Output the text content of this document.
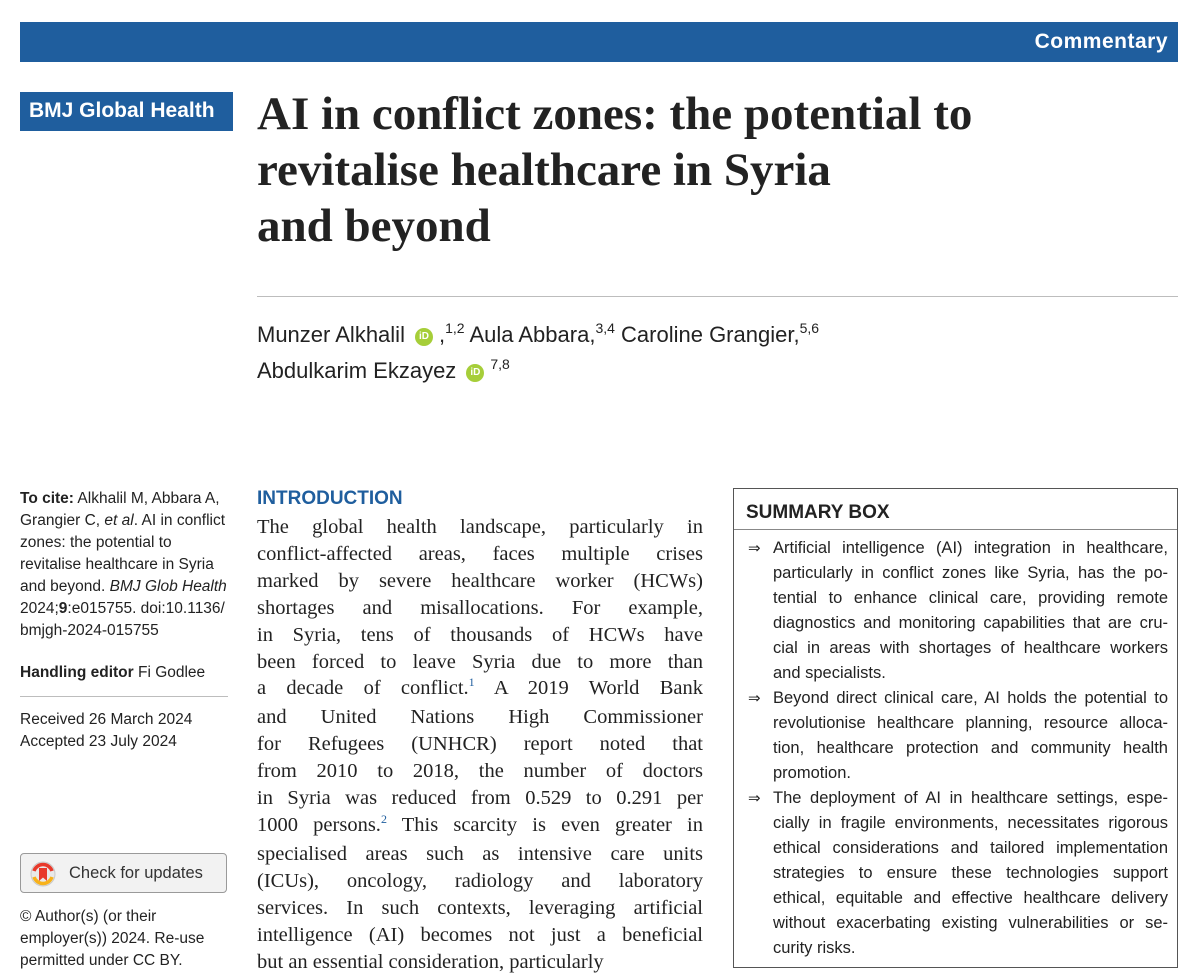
Commentary
BMJ Global Health AI in conflict zones: the potential to
revitalise healthcare in Syria
and beyond
Munzer Alkhalil iD ,$^{1,2}$ Aula Abbara,$^{3,4}$ Caroline Grangier,$^{5,6}$
Abdulkarim Ekzayez iD$^{7,8}$
To cite: Alkhalil M, Abbara A,
Grangier C, et al. AI in conflict
zones: the potential to
revitalise healthcare in Syria
and beyond. BMJ Glob Health
2024;9:e015755. doi:10.1136/
bmjgh-2024-015755
Handling editor Fi Godlee
Received 26 March 2024
Accepted 23 July 2024
Check for updates
© Author(s) (or their
employer(s)) 2024. Re-use
permitted under CC BY.
INTRODUCTION
The global health landscape, particularly in
conflict-affected areas, faces multiple crises
marked by severe healthcare worker (HCWs)
shortages and misallocations. For example,
in Syria, tens of thousands of HCWs have
been forced to leave Syria due to more than
a decade of conflict.$^1$ A 2019 World Bank
and United Nations High Commissioner
for Refugees (UNHCR) report noted that
from 2010 to 2018, the number of doctors
in Syria was reduced from 0.529 to 0.291 per
1000 persons.$^2$ This scarcity is even greater in
specialised areas such as intensive care units
(ICUs), oncology, radiology and laboratory
services. In such contexts, leveraging artificial
intelligence (AI) becomes not just a beneficial
but an essential consideration, particularly
SUMMARY BOX
⇒ Artificial intelligence (AI) integration in healthcare,
particularly in conflict zones like Syria, has the po-
tential to enhance clinical care, providing remote
diagnostics and monitoring capabilities that are cru-
cial in areas with shortages of healthcare workers
and specialists.
⇒ Beyond direct clinical care, AI holds the potential to
revolutionise healthcare planning, resource alloca-
tion, healthcare protection and community health
promotion.
⇒ The deployment of AI in healthcare settings, espe-
cially in fragile environments, necessitates rigorous
ethical considerations and tailored implementation
strategies to ensure these technologies support
ethical, equitable and effective healthcare delivery
without exacerbating existing vulnerabilities or se-
curity risks.
